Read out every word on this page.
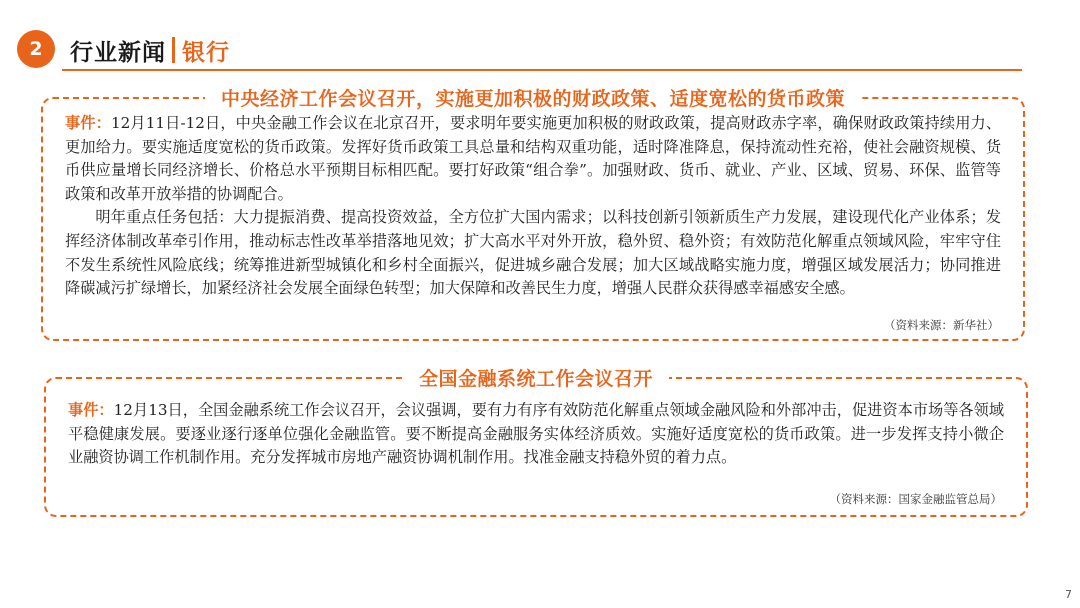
2	行业新闻 银行
中央经济工作会议召开，实施更加积极的财政政策、适度宽松的货币政策

事件：12月11日-12日，中央金融工作会议在北京召开，要求明年要实施更加积极的财政政策，提高财政赤字率，确保财政政策持续用力、更加给力。要实施适度宽松的货币政策。发挥好货币政策工具总量和结构双重功能，适时降准降息，保持流动性充裕，使社会融资规模、货币供应量增长同经济增长、价格总水平预期目标相匹配。要打好政策“组合拳”。加强财政、货币、就业、产业、区域、贸易、环保、监管等政策和改革开放举措的协调配合。

明年重点任务包括：大力提振消费、提高投资效益，全方位扩大国内需求；以科技创新引领新质生产力发展，建设现代化产业体系；发挥经济体制改革牵引作用，推动标志性改革举措落地见效；扩大高水平对外开放，稳外贸、稳外资；有效防范化解重点领域风险，牢牢守住不发生系统性风险底线；统筹推进新型城镇化和乡村全面振兴，促进城乡融合发展；加大区域战略实施力度，增强区域发展活力；协同推进降碳减污扩绿增长，加紧经济社会发展全面绿色转型；加大保障和改善民生力度，增强人民群众获得感幸福感安全感。

（资料来源：新华社）
全国金融系统工作会议召开

事件：12月13日，全国金融系统工作会议召开，会议强调，要有力有序有效防范化解重点领域金融风险和外部冲击，促进资本市场等各领域平稳健康发展。要逐业逐行逐单位强化金融监管。要不断提高金融服务实体经济质效。实施好适度宽松的货币政策。进一步发挥支持小微企业融资协调工作机制作用。充分发挥城市房地产融资协调机制作用。找准金融支持稳外贸的着力点。

（资料来源：国家金融监管总局）
7
